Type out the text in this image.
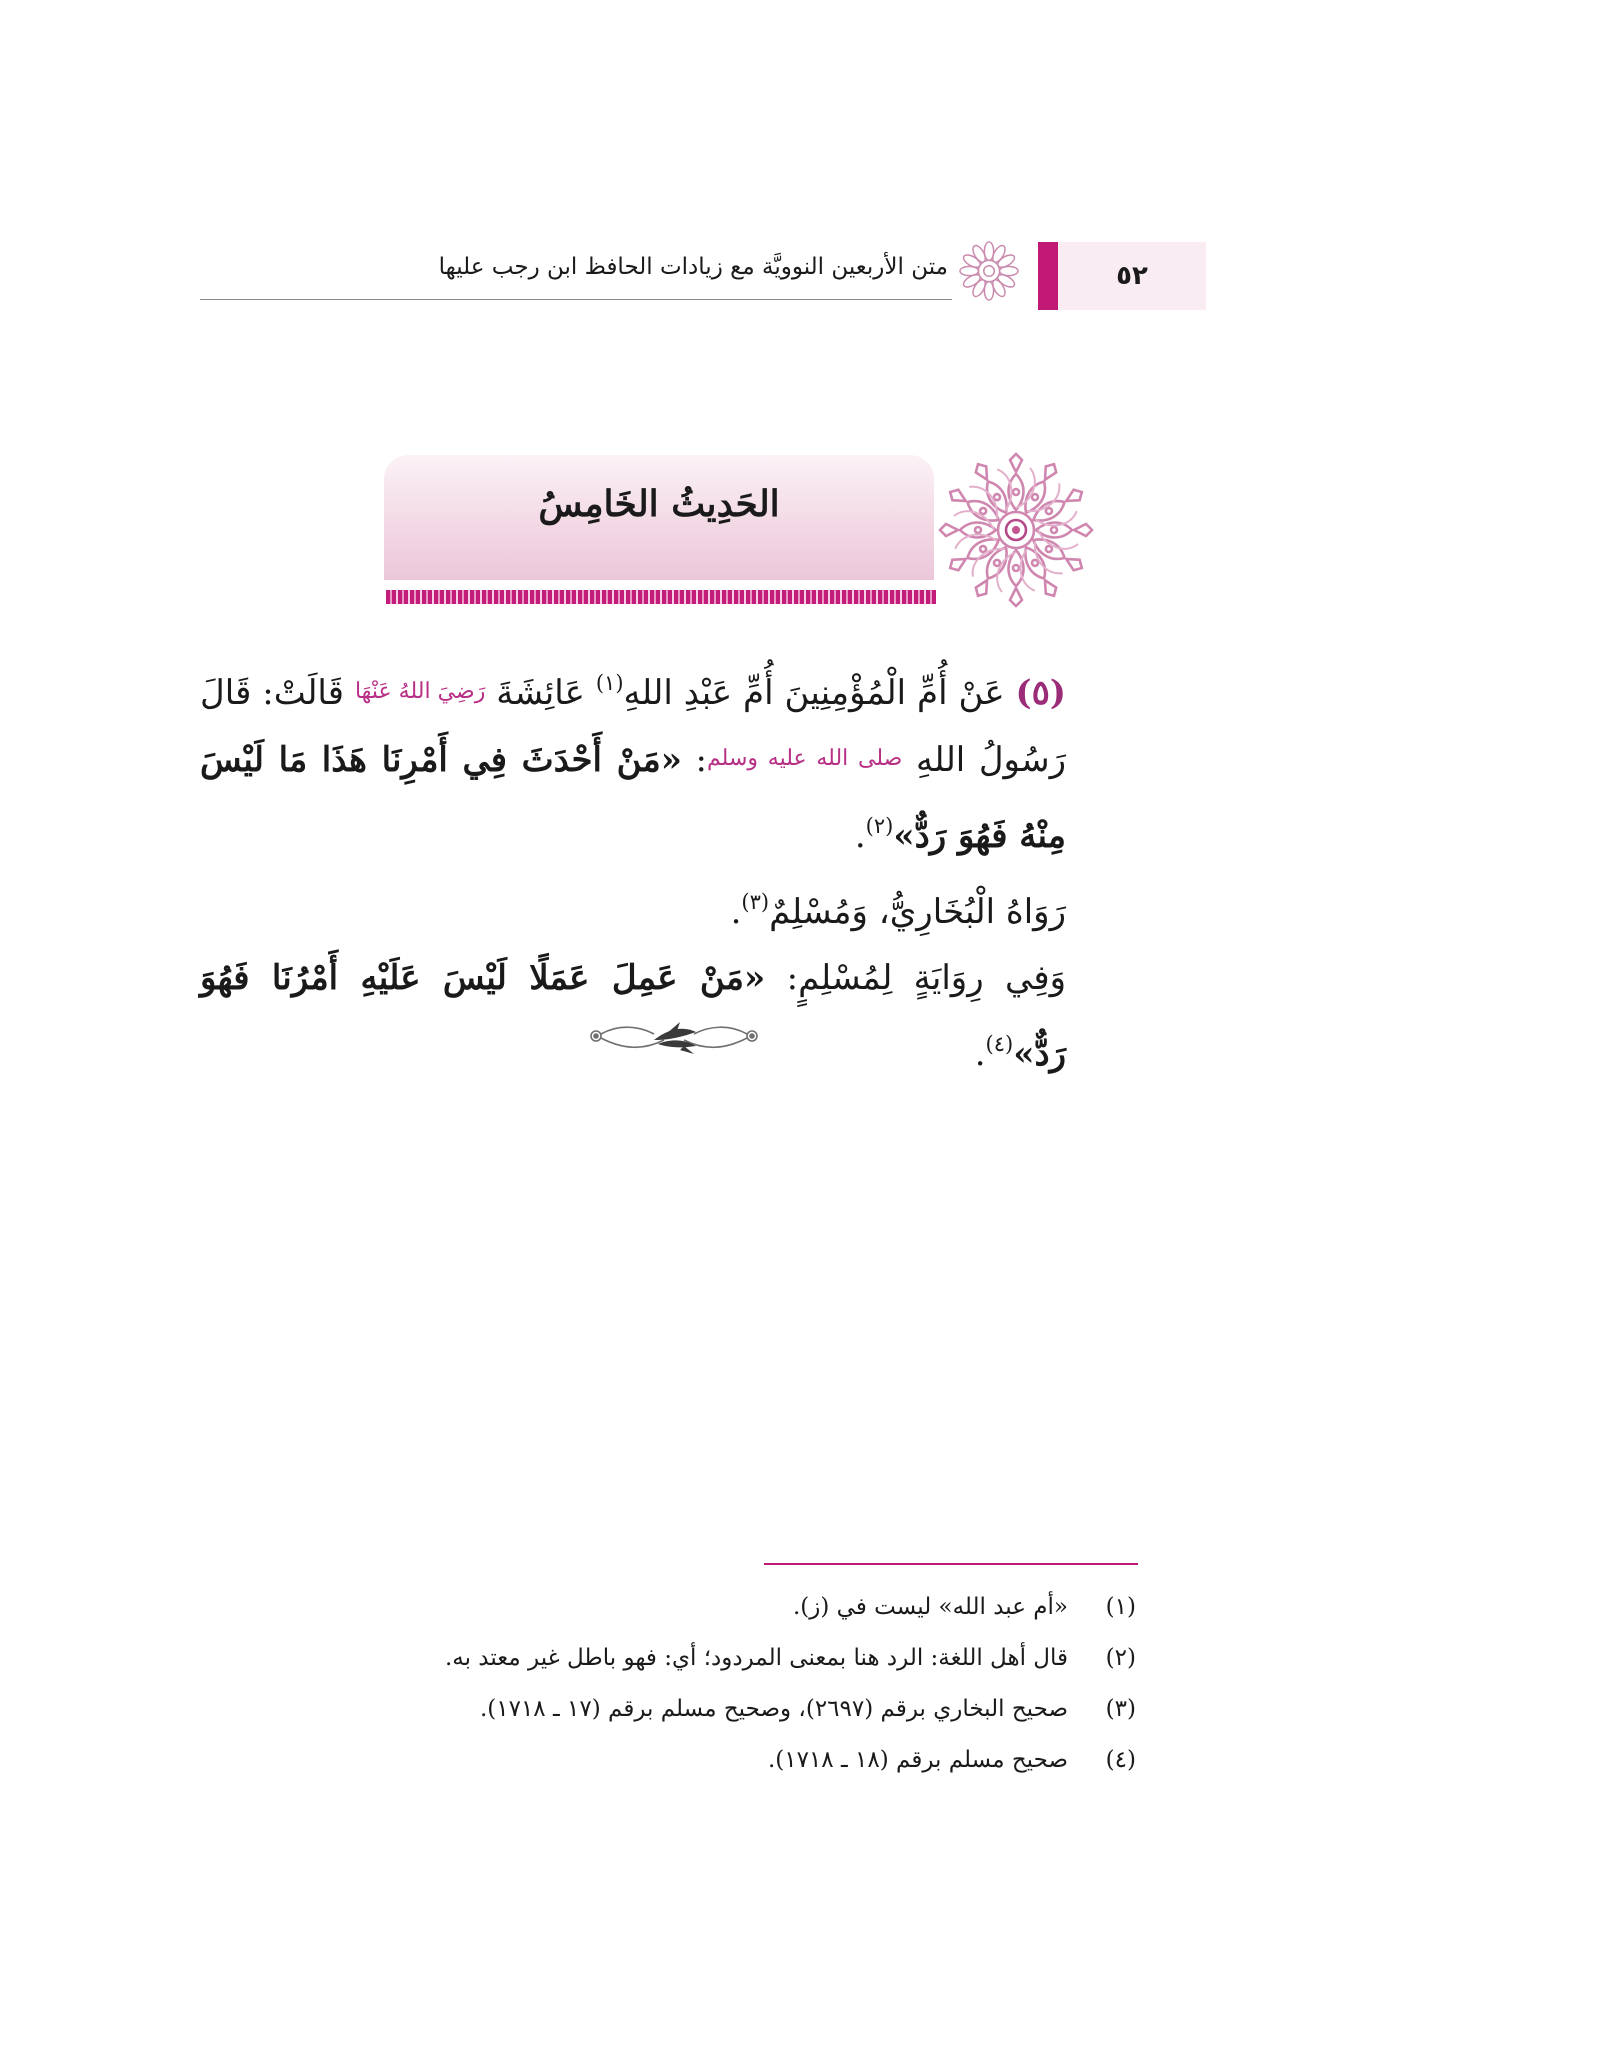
متن الأربعين النوويَّة مع زيادات الحافظ ابن رجب عليها	٥٢
الحَدِيثُ الخَامِسُ

(٥) عَنْ أُمِّ الْمُؤْمِنِينَ أُمِّ عَبْدِ اللهِ$^{(١)}$ عَائِشَةَ رَضِيَ اللهُ عَنْهَا قَالَتْ: قَالَ رَسُولُ اللهِ صلى الله عليه وسلم: «مَنْ أَحْدَثَ فِي أَمْرِنَا هَذَا مَا لَيْسَ مِنْهُ فَهُوَ رَدٌّ»$^{(٢)}$.

رَوَاهُ الْبُخَارِيُّ، وَمُسْلِمٌ$^{(٣)}$.

وَفِي رِوَايَةٍ لِمُسْلِمٍ: «مَنْ عَمِلَ عَمَلًا لَيْسَ عَلَيْهِ أَمْرُنَا فَهُوَ رَدٌّ»$^{(٤)}$.

(١)«أم عبد الله» ليست في (ز).
(٢)قال أهل اللغة: الرد هنا بمعنى المردود؛ أي: فهو باطل غير معتد به.
(٣)صحيح البخاري برقم (٢٦٩٧)، وصحيح مسلم برقم (١٧ ـ ١٧١٨).
(٤)صحيح مسلم برقم (١٨ ـ ١٧١٨).
